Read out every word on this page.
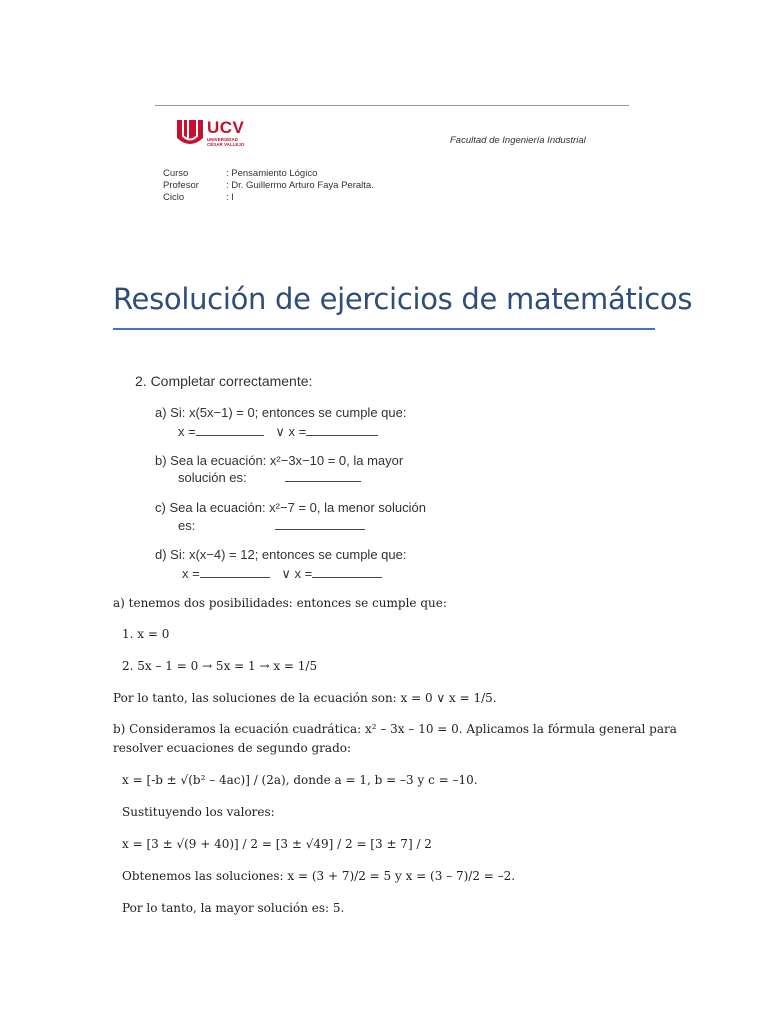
UCV
UNIVERSIDAD CÉSAR VALLEJO	Facultad de Ingeniería Industrial
Curso	: Pensamiento Lógico
Profesor	: Dr. Guillermo Arturo Faya Peralta.
Ciclo	: I
Resolución de ejercicios de matemáticos
2. Completar correctamente:
a) Si: x(5x−1) = 0; entonces se cumple que:
x =	∨ x =
b) Sea la ecuación: x²−3x−10 = 0, la mayor
solución es:
c) Sea la ecuación: x²−7 = 0, la menor solución
es:
d) Si: x(x−4) = 12; entonces se cumple que:
x =	∨ x =
a) tenemos dos posibilidades: entonces se cumple que:
1. x = 0
2. 5x – 1 = 0 → 5x = 1 → x = 1/5
Por lo tanto, las soluciones de la ecuación son: x = 0 ∨ x = 1/5.
b) Consideramos la ecuación cuadrática: x² – 3x – 10 = 0. Aplicamos la fórmula general para
resolver ecuaciones de segundo grado:
x = [-b ± √(b² – 4ac)] / (2a), donde a = 1, b = –3 y c = –10.
Sustituyendo los valores:
x = [3 ± √(9 + 40)] / 2 = [3 ± √49] / 2 = [3 ± 7] / 2
Obtenemos las soluciones: x = (3 + 7)/2 = 5 y x = (3 – 7)/2 = –2.
Por lo tanto, la mayor solución es: 5.
